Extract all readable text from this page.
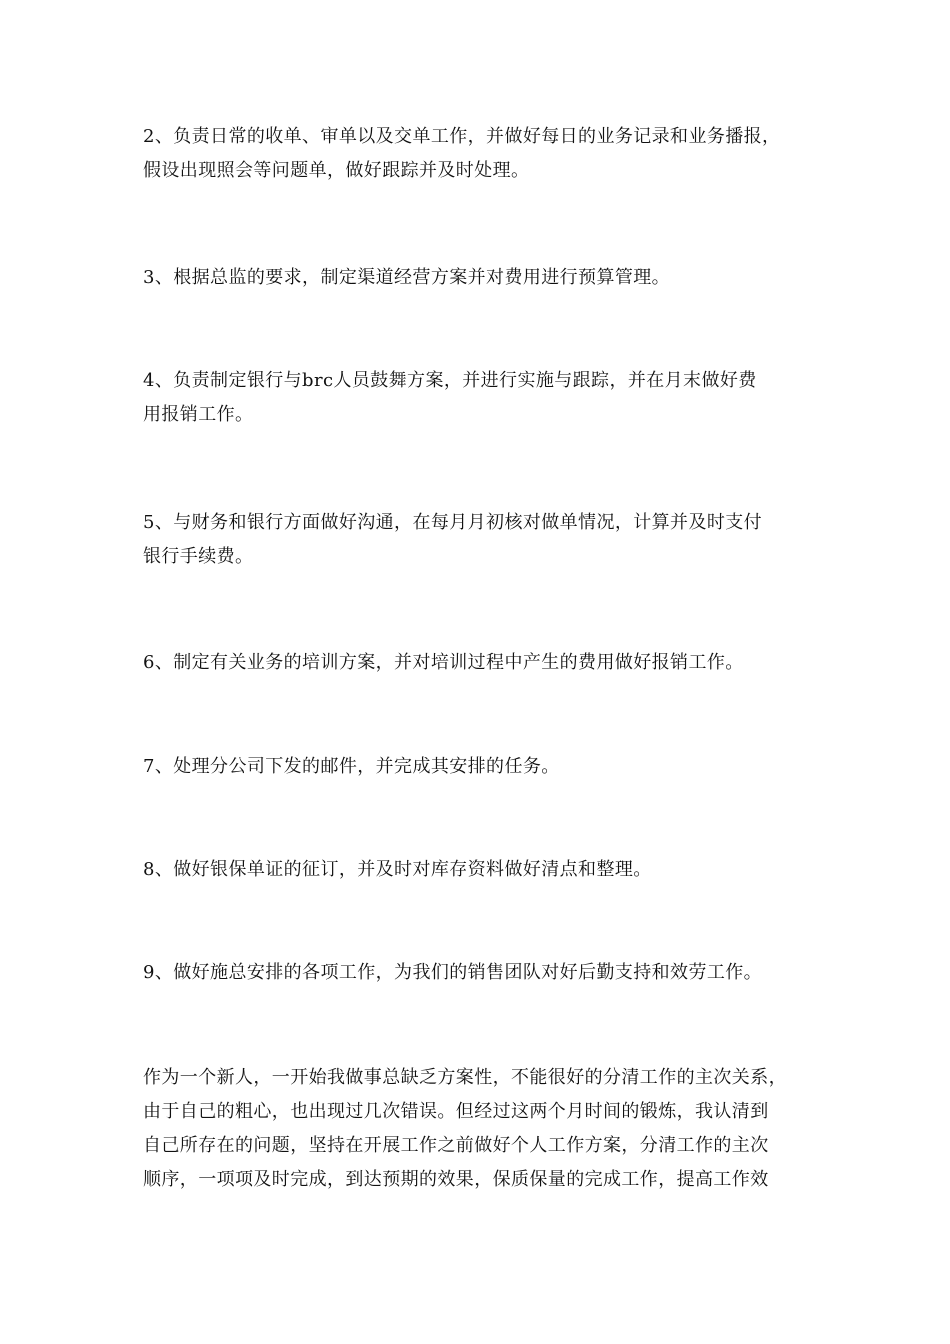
2、负责日常的收单、审单以及交单工作，并做好每日的业务记录和业务播报，
假设出现照会等问题单，做好跟踪并及时处理。

3、根据总监的要求，制定渠道经营方案并对费用进行预算管理。

4、负责制定银行与brc人员鼓舞方案，并进行实施与跟踪，并在月末做好费
用报销工作。

5、与财务和银行方面做好沟通，在每月月初核对做单情况，计算并及时支付
银行手续费。

6、制定有关业务的培训方案，并对培训过程中产生的费用做好报销工作。

7、处理分公司下发的邮件，并完成其安排的任务。

8、做好银保单证的征订，并及时对库存资料做好清点和整理。

9、做好施总安排的各项工作，为我们的销售团队对好后勤支持和效劳工作。

作为一个新人，一开始我做事总缺乏方案性，不能很好的分清工作的主次关系，
由于自己的粗心，也出现过几次错误。但经过这两个月时间的锻炼，我认清到
自己所存在的问题，坚持在开展工作之前做好个人工作方案，分清工作的主次
顺序，一项项及时完成，到达预期的效果，保质保量的完成工作，提高工作效
